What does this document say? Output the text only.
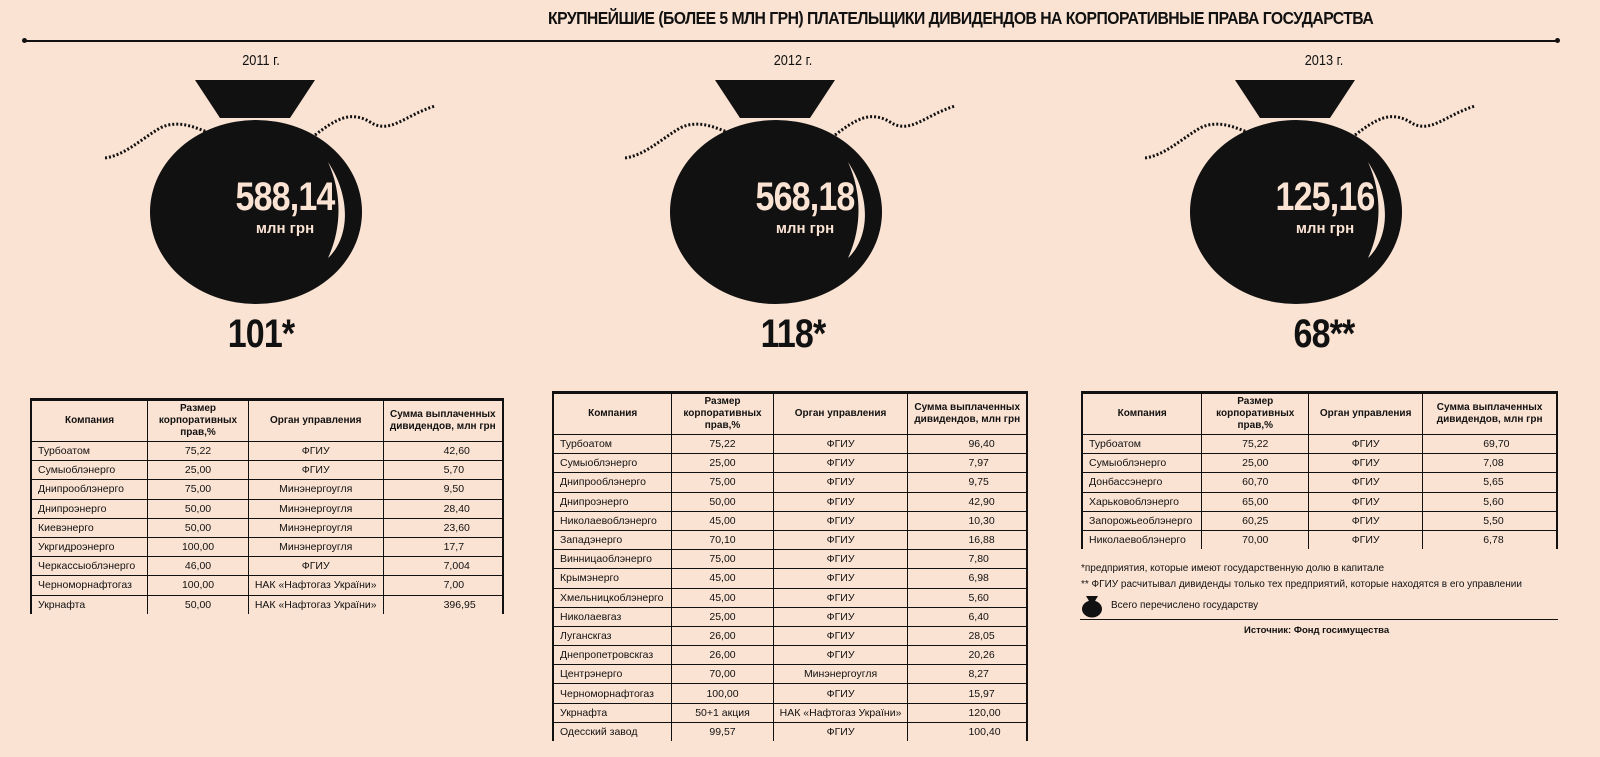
КРУПНЕЙШИЕ (БОЛЕЕ 5 МЛН ГРН) ПЛАТЕЛЬЩИКИ ДИВИДЕНДОВ НА КОРПОРАТИВНЫЕ ПРАВА ГОСУДАРСТВА
2011 г.	2012 г.	2013 г.
588,14
млн грн
568,18
млн грн
125,16
млн грн
101*	118*	68**
Компания	Размер корпоративных прав,%	Орган управления	Сумма выплаченных дивидендов, млн грн
Турбоатом	75,22	ФГИУ	42,60
Сумыоблэнерго	25,00	ФГИУ	5,70
Днипрооблэнерго	75,00	Минэнергоугля	9,50
Днипроэнерго	50,00	Минэнергоугля	28,40
Киевэнерго	50,00	Минэнергоугля	23,60
Укргидроэнерго	100,00	Минэнергоугля	17,7
Черкассыоблэнерго	46,00	ФГИУ	7,004
Черноморнафтогаз	100,00	НАК «Нафтогаз України»	7,00
Укрнафта	50,00	НАК «Нафтогаз України»	396,95
Компания	Размер корпоративных прав,%	Орган управления	Сумма выплаченных дивидендов, млн грн
Турбоатом	75,22	ФГИУ	96,40
Сумыоблэнерго	25,00	ФГИУ	7,97
Днипрооблэнерго	75,00	ФГИУ	9,75
Днипроэнерго	50,00	ФГИУ	42,90
Николаевоблэнерго	45,00	ФГИУ	10,30
Западэнерго	70,10	ФГИУ	16,88
Винницаоблэнерго	75,00	ФГИУ	7,80
Крымэнерго	45,00	ФГИУ	6,98
Хмельницкоблэнерго	45,00	ФГИУ	5,60
Николаевгаз	25,00	ФГИУ	6,40
Луганскгаз	26,00	ФГИУ	28,05
Днепропетровскгаз	26,00	ФГИУ	20,26
Центрэнерго	70,00	Минэнергоугля	8,27
Черноморнафтогаз	100,00	ФГИУ	15,97
Укрнафта	50+1 акция	НАК «Нафтогаз України»	120,00
Одесский завод	99,57	ФГИУ	100,40
Компания	Размер корпоративных прав,%	Орган управления	Сумма выплаченных дивидендов, млн грн
Турбоатом	75,22	ФГИУ	69,70
Сумыоблэнерго	25,00	ФГИУ	7,08
Донбассэнерго	60,70	ФГИУ	5,65
Харьковоблэнерго	65,00	ФГИУ	5,60
Запорожьеоблэнерго	60,25	ФГИУ	5,50
Николаевоблэнерго	70,00	ФГИУ	6,78
*предприятия, которые имеют государственную долю в капитале
** ФГИУ расчитывал дивиденды только тех предприятий, которые находятся в его управлении
Всего перечислено государству
Источник: Фонд госимущества
